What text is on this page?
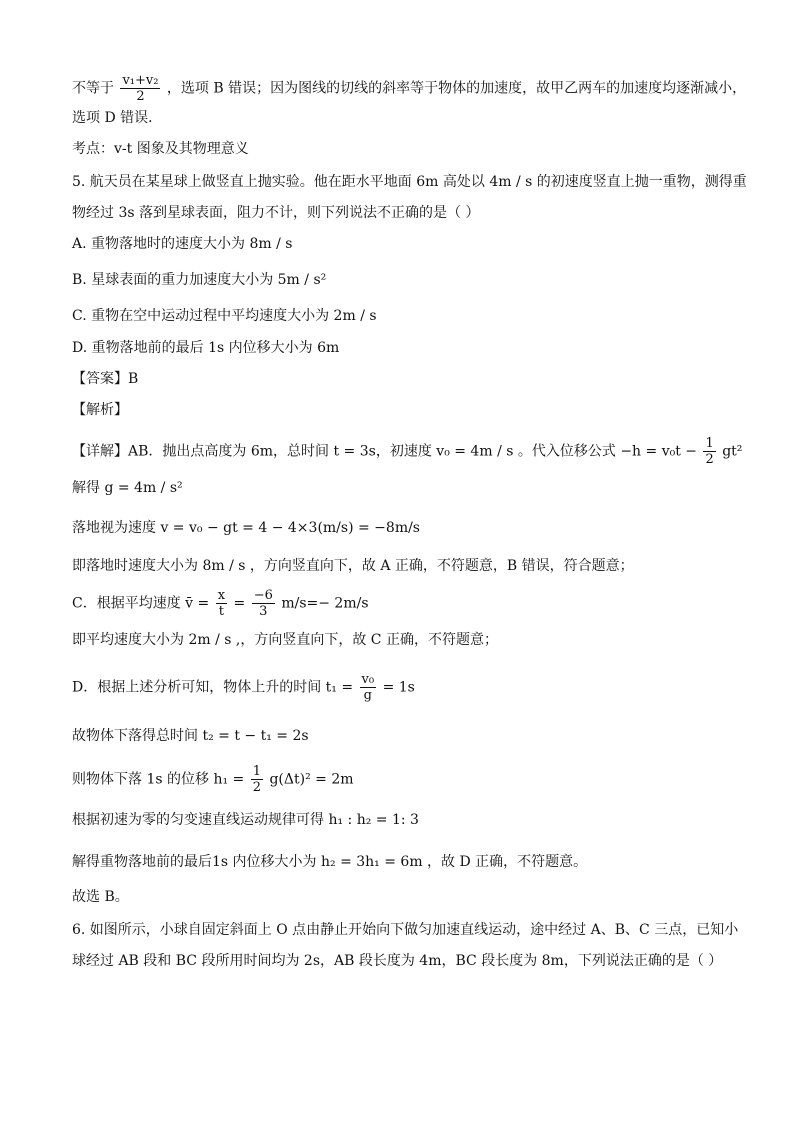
不等于 $\frac{\text{v₁+v₂}}{2}$ ，选项 B 错误；因为图线的切线的斜率等于物体的加速度，故甲乙两车的加速度均逐渐减小，
选项 D 错误．
考点：v-t 图象及其物理意义
5. 航天员在某星球上做竖直上抛实验。他在距水平地面 6m 高处以 4m / s 的初速度竖直上抛一重物，测得重
物经过 3s 落到星球表面，阻力不计，则下列说法不正确的是（ ）
A. 重物落地时的速度大小为 8m / s
B. 星球表面的重力加速度大小为 5m / s²
C. 重物在空中运动过程中平均速度大小为 2m / s
D. 重物落地前的最后 1s 内位移大小为 6m
【答案】B
【解析】
【详解】AB．抛出点高度为 6m，总时间 t = 3s，初速度 v₀ = 4m / s 。代入位移公式 $-h = v_0t - \frac{1}{2} gt^2$
解得 g = 4m / s²
落地视为速度 v = v₀ − gt = 4 − 4×3(m/s) = −8m/s
即落地时速度大小为 8m / s ，方向竖直向下，故 A 正确，不符题意，B 错误，符合题意；
C．根据平均速度 v̄ = $\frac{x}{t} = \frac{-6}{3} m/s=- 2m/s$
即平均速度大小为 2m / s ,，方向竖直向下，故 C 正确，不符题意；
D．根据上述分析可知，物体上升的时间 $t_1 = \frac{\text{v₀}}{g} = 1s$
故物体下落得总时间 t₂ = t − t₁ = 2s
则物体下落 1s 的位移 $h_1 = \frac{1}{2} g(\Delta t)^2 = 2m$
根据初速为零的匀变速直线运动规律可得 h₁ : h₂ = 1: 3
解得重物落地前的最后1s 内位移大小为 h₂ = 3h₁ = 6m ，故 D 正确，不符题意。
故选 B。
6. 如图所示，小球自固定斜面上 O 点由静止开始向下做匀加速直线运动，途中经过 A、B、C 三点，已知小
球经过 AB 段和 BC 段所用时间均为 2s，AB 段长度为 4m，BC 段长度为 8m，下列说法正确的是（ ）
